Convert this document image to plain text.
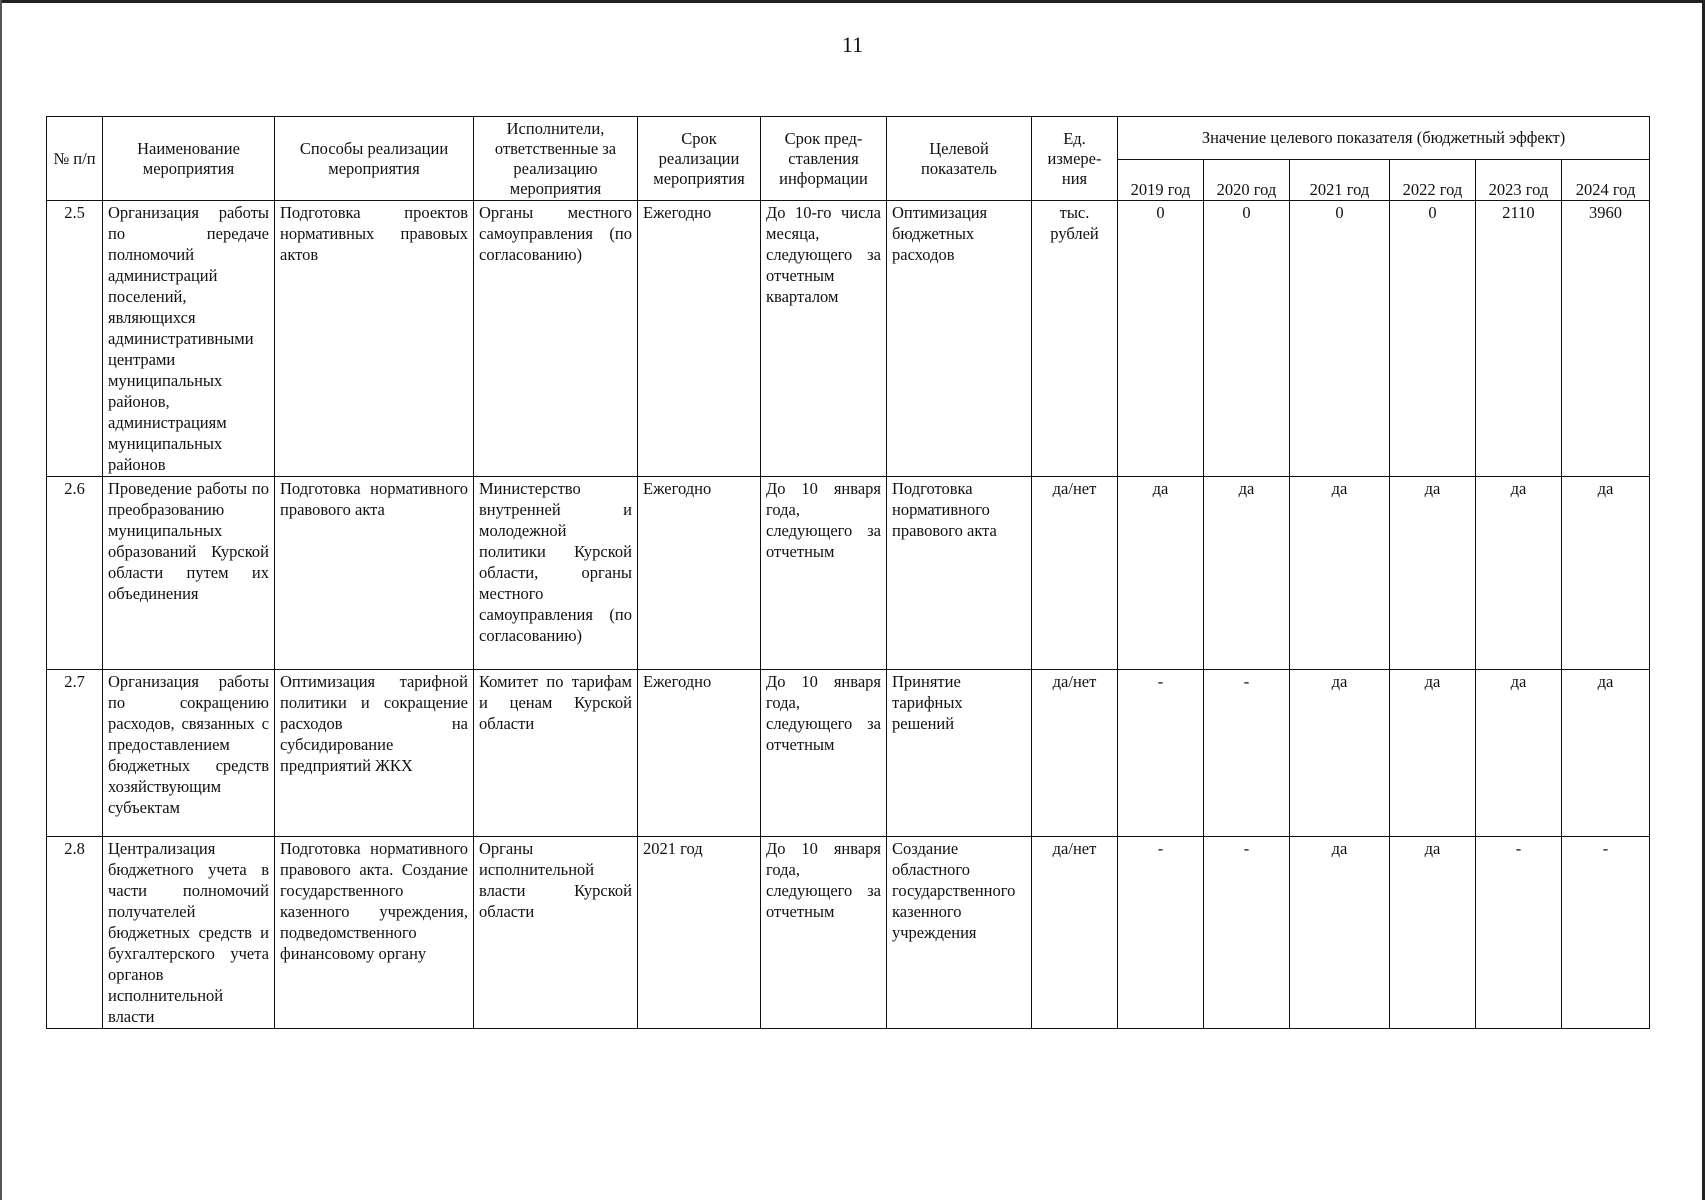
11
№ п/п	Наименование мероприятия	Способы реализации мероприятия	Исполнители, ответственные за реализацию мероприятия	Срок реализации мероприятия	Срок пред-ставления информации	Целевой показатель	Ед. измере-ния	Значение целевого показателя (бюджетный эффект)					
								2019 год	2020 год	2021 год	2022 год	2023 год	2024 год
2.5	Организация работы по передаче полномочий администраций поселений, являющихся административными центрами муниципальных районов, администрациям муниципальных районов	Подготовка проектов нормативных правовых актов	Органы местного самоуправления (по согласованию)	Ежегодно	До 10-го числа месяца, следующего за отчетным кварталом	Оптимизация бюджетных расходов	тыс. рублей	0	0	0	0	2110	3960
2.6	Проведение работы по преобразованию муниципальных образований Курской области путем их объединения	Подготовка нормативного правового акта	Министерство внутренней и молодежной политики Курской области, органы местного самоуправления (по согласованию)	Ежегодно	До 10 января года, следующего за отчетным	Подготовка нормативного правового акта	да/нет	да	да	да	да	да	да
2.7	Организация работы по сокращению расходов, связанных с предоставлением бюджетных средств хозяйствующим субъектам	Оптимизация тарифной политики и сокращение расходов на субсидирование предприятий ЖКХ	Комитет по тарифам и ценам Курской области	Ежегодно	До 10 января года, следующего за отчетным	Принятие тарифных решений	да/нет	-	-	да	да	да	да
2.8	Централизация бюджетного учета в части полномочий получателей бюджетных средств и бухгалтерского учета органов исполнительной власти	Подготовка нормативного правового акта. Создание государственного казенного учреждения, подведомственного финансовому органу	Органы исполнительной власти Курской области	2021 год	До 10 января года, следующего за отчетным	Создание областного государственного казенного учреждения	да/нет	-	-	да	да	-	-
